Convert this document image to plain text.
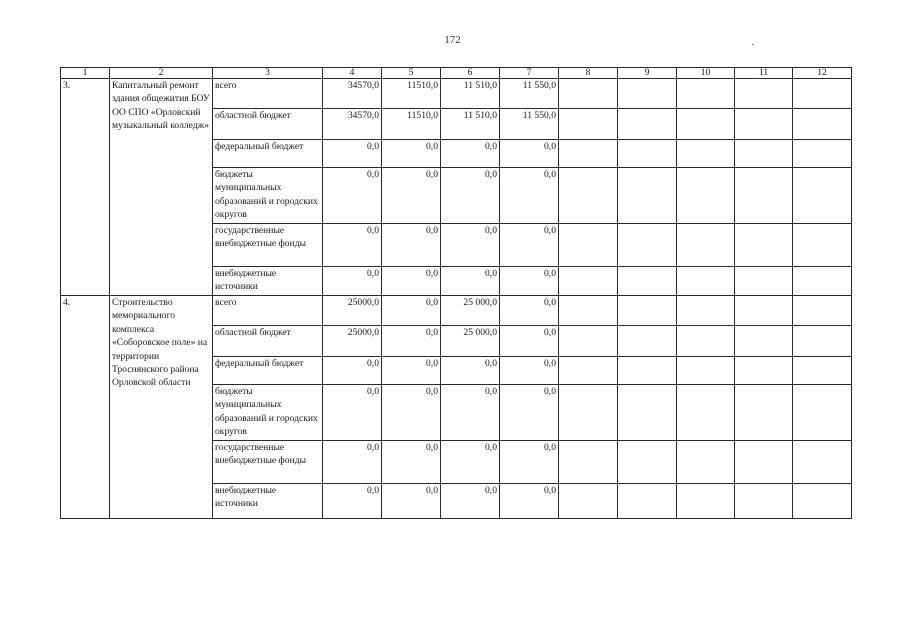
172
1	2	3	4	5	6	7	8	9	10	11	12
3.	Капитальный ремонт здания общежития БОУ ОО СПО «Орловский музыкальный колледж»	всего	34570,0	11510,0	11 510,0	11 550,0					
		областной бюджет	34570,0	11510,0	11 510,0	11 550,0					
		федеральный бюджет	0,0	0,0	0,0	0,0					
		бюджеты муниципальных образований и городских округов	0,0	0,0	0,0	0,0					
		государственные внебюджетные фонды	0,0	0,0	0,0	0,0					
		внебюджетные источники	0,0	0,0	0,0	0,0					
4.	Строительство мемориального комплекса «Соборовское поле» на территории Троснянского района Орловской области	всего	25000,0	0,0	25 000,0	0,0					
		областной бюджет	25000,0	0,0	25 000,0	0,0					
		федеральный бюджет	0,0	0,0	0,0	0,0					
		бюджеты муниципальных образований и городских округов	0,0	0,0	0,0	0,0					
		государственные внебюджетные фонды	0,0	0,0	0,0	0,0					
		внебюджетные источники	0,0	0,0	0,0	0,0					
